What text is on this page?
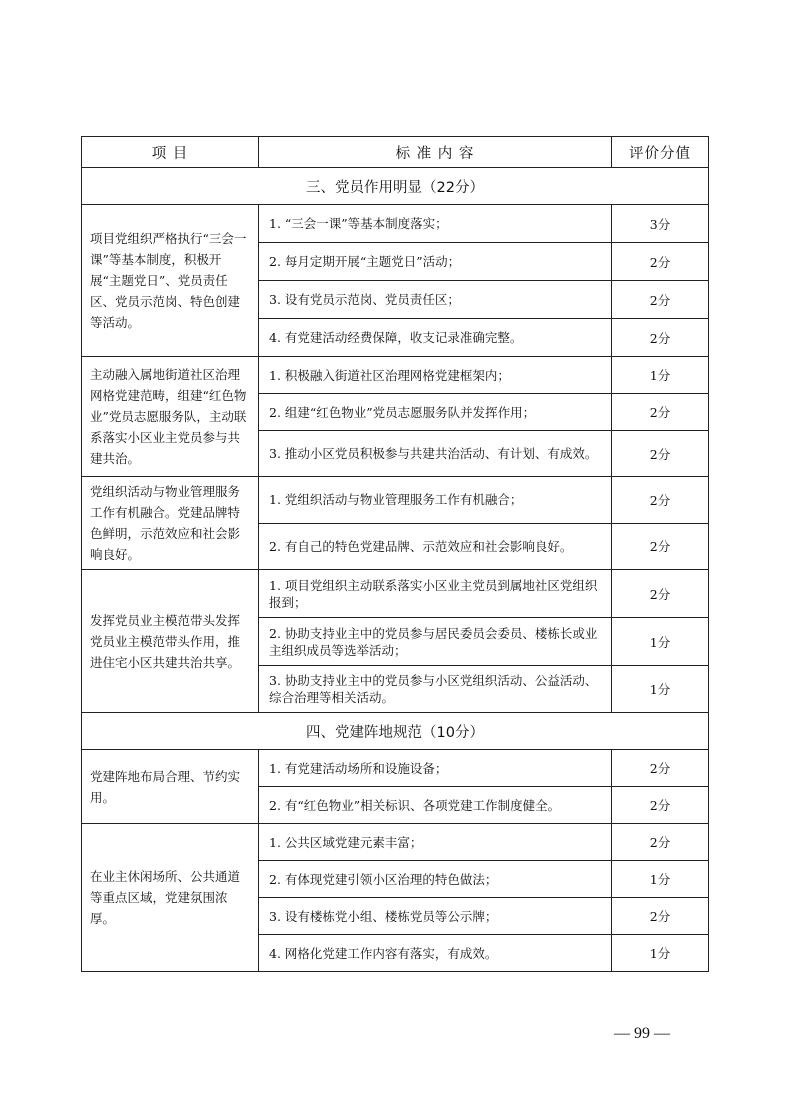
项 目	标 准 内 容	评价分值
三、党员作用明显（22分）		
项目党组织严格执行“三会一课”等基本制度，积极开展“主题党日”、党员责任区、党员示范岗、特色创建等活动。	1. “三会一课”等基本制度落实；	3分
	2. 每月定期开展“主题党日”活动；	2分
	3. 设有党员示范岗、党员责任区；	2分
	4. 有党建活动经费保障，收支记录准确完整。	2分
主动融入属地街道社区治理网格党建范畴，组建“红色物业”党员志愿服务队，主动联系落实小区业主党员参与共建共治。	1. 积极融入街道社区治理网格党建框架内；	1分
	2. 组建“红色物业”党员志愿服务队并发挥作用；	2分
	3. 推动小区党员积极参与共建共治活动、有计划、有成效。	2分
党组织活动与物业管理服务工作有机融合。党建品牌特色鲜明，示范效应和社会影响良好。	1. 党组织活动与物业管理服务工作有机融合；	2分
	2. 有自己的特色党建品牌、示范效应和社会影响良好。	2分
发挥党员业主模范带头发挥党员业主模范带头作用，推进住宅小区共建共治共享。	1. 项目党组织主动联系落实小区业主党员到属地社区党组织报到；	2分
	2. 协助支持业主中的党员参与居民委员会委员、楼栋长或业主组织成员等选举活动；	1分
	3. 协助支持业主中的党员参与小区党组织活动、公益活动、综合治理等相关活动。	1分
四、党建阵地规范（10分）		
党建阵地布局合理、节约实用。	1. 有党建活动场所和设施设备；	2分
	2. 有“红色物业”相关标识、各项党建工作制度健全。	2分
在业主休闲场所、公共通道等重点区域，党建氛围浓厚。	1. 公共区域党建元素丰富；	2分
	2. 有体现党建引领小区治理的特色做法；	1分
	3. 设有楼栋党小组、楼栋党员等公示牌；	2分
	4. 网格化党建工作内容有落实，有成效。	1分
— 99 —
